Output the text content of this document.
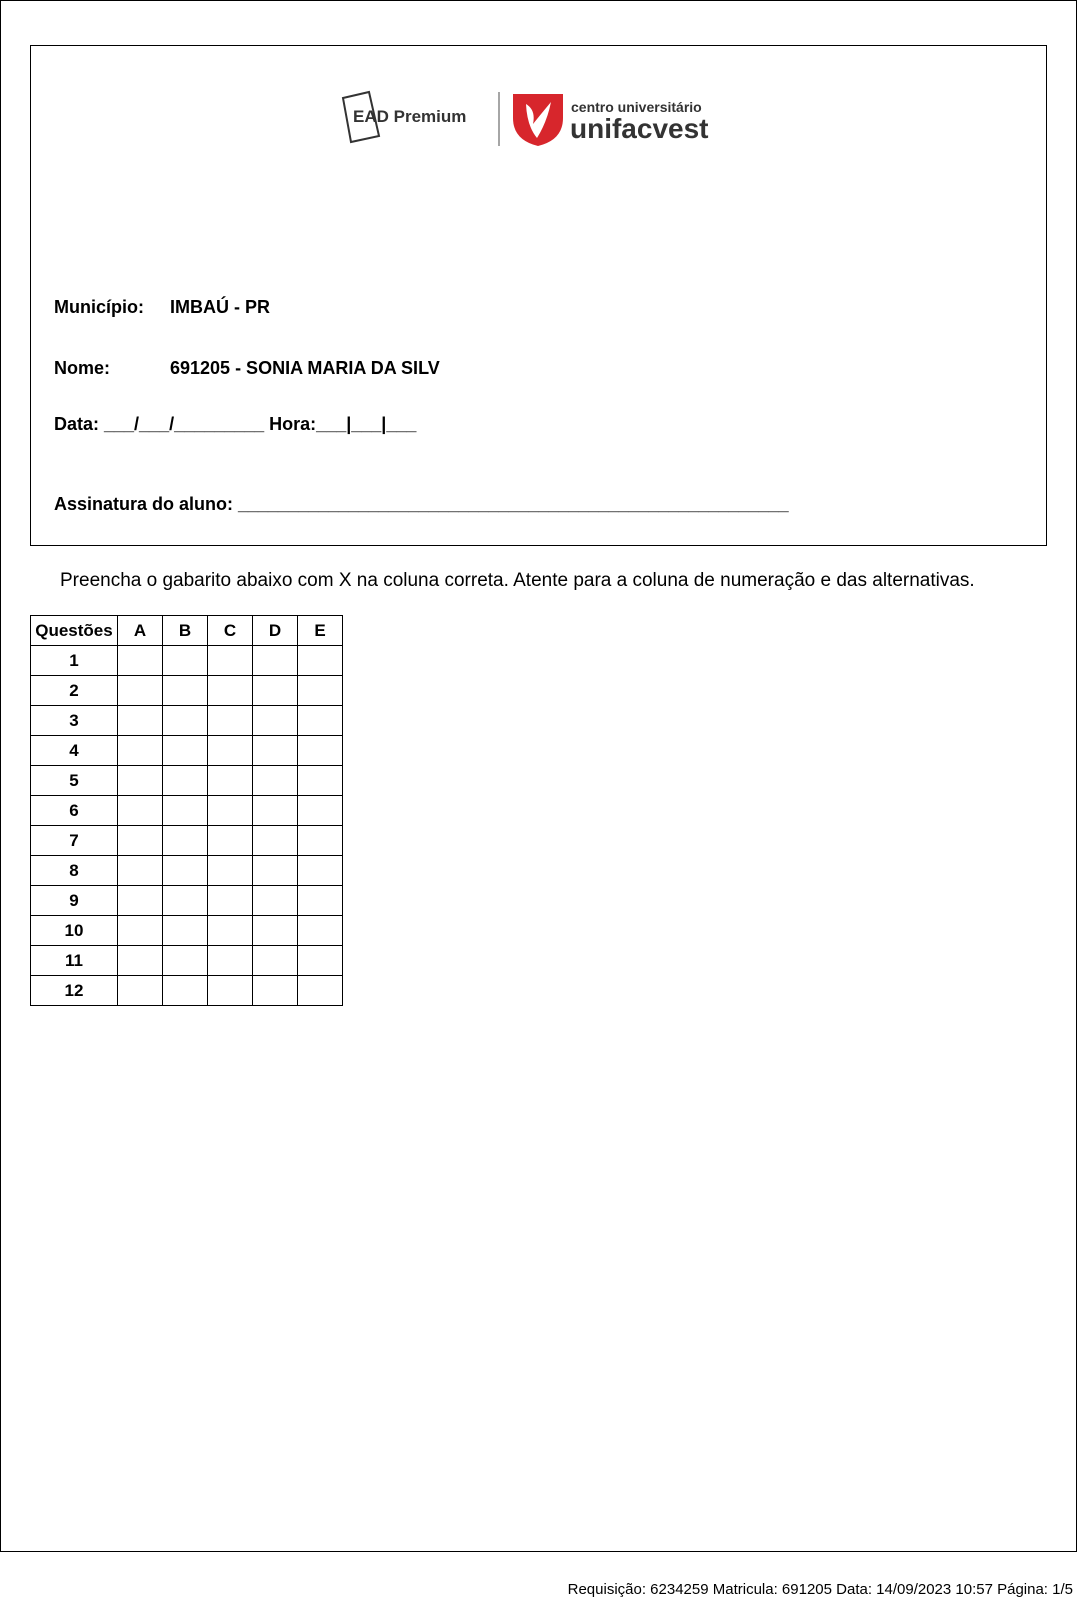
EAD Premium	centro universitário
unifacvest
Município: IMBAÚ - PR
Nome:	691205 - SONIA MARIA DA SILV
Data: ___/___/_________ Hora:___|___|___
Assinatura do aluno: _______________________________________________________
Preencha o gabarito abaixo com X na coluna correta. Atente para a coluna de numeração e das alternativas.
Questões	A	B	C	D	E
1					
2					
3					
4					
5					
6					
7					
8					
9					
10					
11					
12					
Requisição: 6234259 Matricula: 691205 Data: 14/09/2023 10:57 Página: 1/5
